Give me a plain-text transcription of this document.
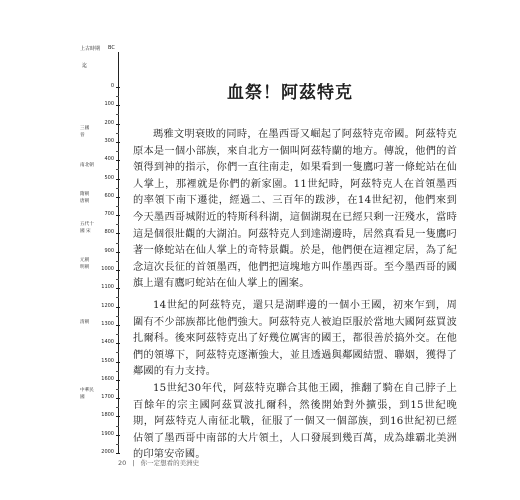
上古時期 BC
迄
0
100
200
300
400
500
600
700
800
900
1000
1100
1200
1300
1400
1500
1600
1700
1800
1900
2000
三國 晉
南北朝
隋朝 唐朝
五代十國 宋
元朝 明朝
清朝
中華民國
血祭！阿茲特克

瑪雅文明衰敗的同時，在墨西哥又崛起了阿茲特克帝國。阿茲特克原本是一個小部族，來自北方一個叫阿茲特蘭的地方。傳說，他們的首領得到神的指示，你們一直往南走，如果看到一隻鷹叼著一條蛇站在仙人掌上，那裡就是你們的新家園。11世紀時，阿茲特克人在首領墨西的率領下南下遷徙，經過二、三百年的跋涉，在14世紀初，他們來到今天墨西哥城附近的特斯科科湖，這個湖現在已經只剩一汪殘水，當時這是個很壯觀的大湖泊。阿茲特克人到達湖邊時，居然真看見一隻鷹叼著一條蛇站在仙人掌上的奇特景觀。於是，他們便在這裡定居，為了紀念這次長征的首領墨西，他們把這塊地方叫作墨西哥。至今墨西哥的國旗上還有鷹叼蛇站在仙人掌上的圖案。

14世紀的阿茲特克，還只是湖畔邊的一個小王國，初來乍到，周圍有不少部族都比他們強大。阿茲特克人被迫臣服於當地大國阿茲買波扎爾科。後來阿茲特克出了好幾位厲害的國王，都很善於搞外交。在他們的領導下，阿茲特克逐漸強大，並且透過與鄰國結盟、聯姻，獲得了鄰國的有力支持。

15世紀30年代，阿茲特克聯合其他王國，推翻了騎在自己脖子上百餘年的宗主國阿茲買波扎爾科，然後開始對外擴張，到15世紀晚期，阿茲特克人南征北戰，征服了一個又一個部族，到16世紀初已經佔領了墨西哥中南部的大片領土，人口發展到幾百萬，成為雄霸北美洲的印第安帝國。

20 | 你一定想看的美洲史
